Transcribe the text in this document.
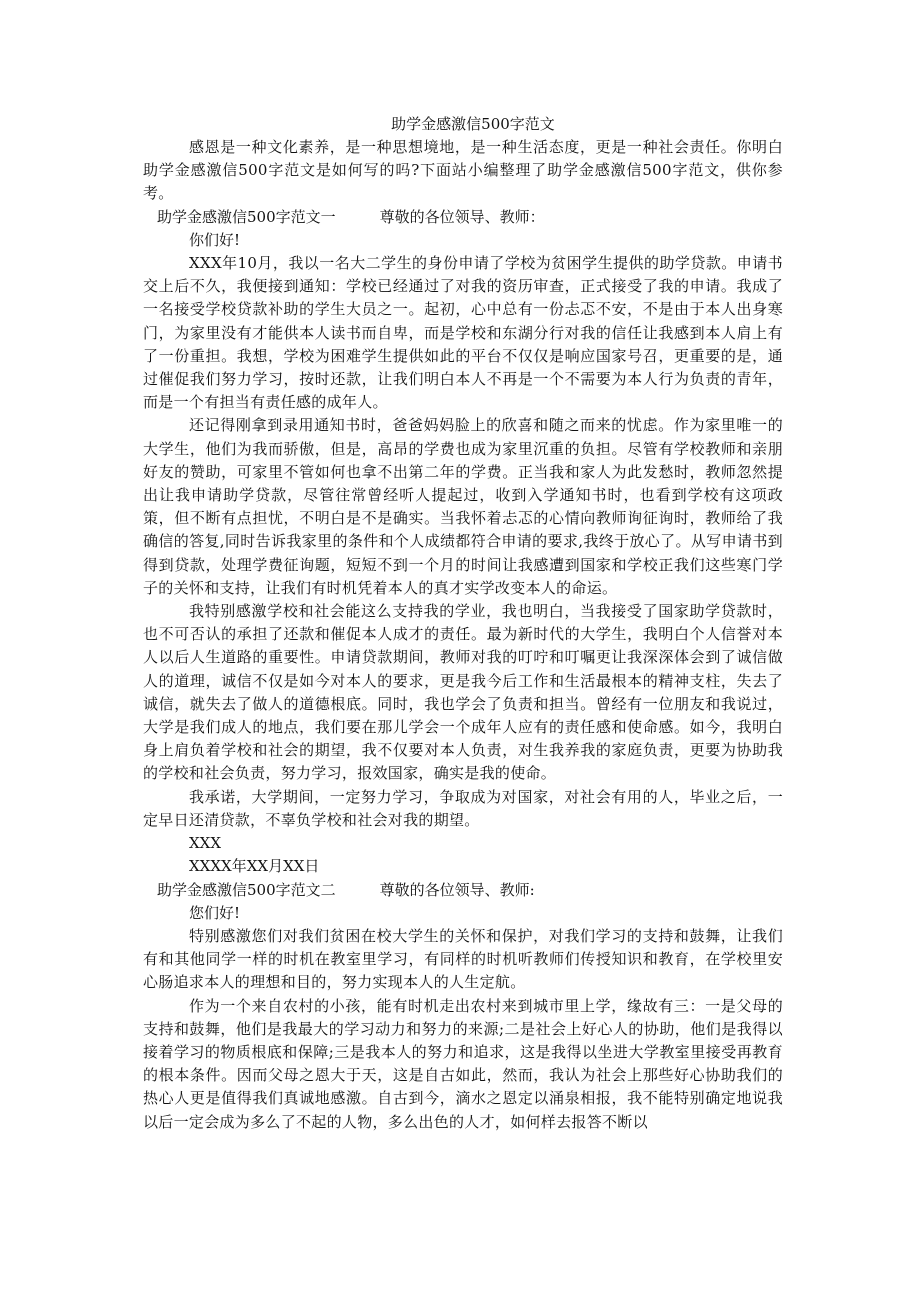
助学金感激信500字范文

感恩是一种文化素养，是一种思想境地，是一种生活态度，更是一种社会责任。你明白助学金感激信500字范文是如何写的吗?下面站小编整理了助学金感激信500字范文，供你参考。

助学金感激信500字范文一	尊敬的各位领导、教师：

你们好!

XXX年10月，我以一名大二学生的身份申请了学校为贫困学生提供的助学贷款。申请书交上后不久，我便接到通知：学校已经通过了对我的资历审查，正式接受了我的申请。我成了一名接受学校贷款补助的学生大员之一。起初，心中总有一份忐忑不安，不是由于本人出身寒门，为家里没有才能供本人读书而自卑，而是学校和东湖分行对我的信任让我感到本人肩上有了一份重担。我想，学校为困难学生提供如此的平台不仅仅是响应国家号召，更重要的是，通过催促我们努力学习，按时还款，让我们明白本人不再是一个不需要为本人行为负责的青年，而是一个有担当有责任感的成年人。

还记得刚拿到录用通知书时，爸爸妈妈脸上的欣喜和随之而来的忧虑。作为家里唯一的大学生，他们为我而骄傲，但是，高昂的学费也成为家里沉重的负担。尽管有学校教师和亲朋好友的赞助，可家里不管如何也拿不出第二年的学费。正当我和家人为此发愁时，教师忽然提出让我申请助学贷款，尽管往常曾经听人提起过，收到入学通知书时，也看到学校有这项政策，但不断有点担忧，不明白是不是确实。当我怀着忐忑的心情向教师询征询时，教师给了我确信的答复,同时告诉我家里的条件和个人成绩都符合申请的要求,我终于放心了。从写申请书到得到贷款，处理学费征询题，短短不到一个月的时间让我感遭到国家和学校正我们这些寒门学子的关怀和支持，让我们有时机凭着本人的真才实学改变本人的命运。

我特别感激学校和社会能这么支持我的学业，我也明白，当我接受了国家助学贷款时，也不可否认的承担了还款和催促本人成才的责任。最为新时代的大学生，我明白个人信誉对本人以后人生道路的重要性。申请贷款期间，教师对我的叮咛和叮嘱更让我深深体会到了诚信做人的道理，诚信不仅是如今对本人的要求，更是我今后工作和生活最根本的精神支柱，失去了诚信，就失去了做人的道德根底。同时，我也学会了负责和担当。曾经有一位朋友和我说过，大学是我们成人的地点，我们要在那儿学会一个成年人应有的责任感和使命感。如今，我明白身上肩负着学校和社会的期望，我不仅要对本人负责，对生我养我的家庭负责，更要为协助我的学校和社会负责，努力学习，报效国家，确实是我的使命。

我承诺，大学期间，一定努力学习，争取成为对国家，对社会有用的人，毕业之后，一定早日还清贷款，不辜负学校和社会对我的期望。

XXX

XXXX年XX月XX日

助学金感激信500字范文二	尊敬的各位领导、教师:

您们好!

特别感激您们对我们贫困在校大学生的关怀和保护，对我们学习的支持和鼓舞，让我们有和其他同学一样的时机在教室里学习，有同样的时机听教师们传授知识和教育，在学校里安心肠追求本人的理想和目的，努力实现本人的人生定航。

作为一个来自农村的小孩，能有时机走出农村来到城市里上学，缘故有三：一是父母的支持和鼓舞，他们是我最大的学习动力和努力的来源;二是社会上好心人的协助，他们是我得以接着学习的物质根底和保障;三是我本人的努力和追求，这是我得以坐进大学教室里接受再教育的根本条件。因而父母之恩大于天，这是自古如此，然而，我认为社会上那些好心协助我们的热心人更是值得我们真诚地感激。自古到今，滴水之恩定以涌泉相报，我不能特别确定地说我以后一定会成为多么了不起的人物，多么出色的人才，如何样去报答不断以
